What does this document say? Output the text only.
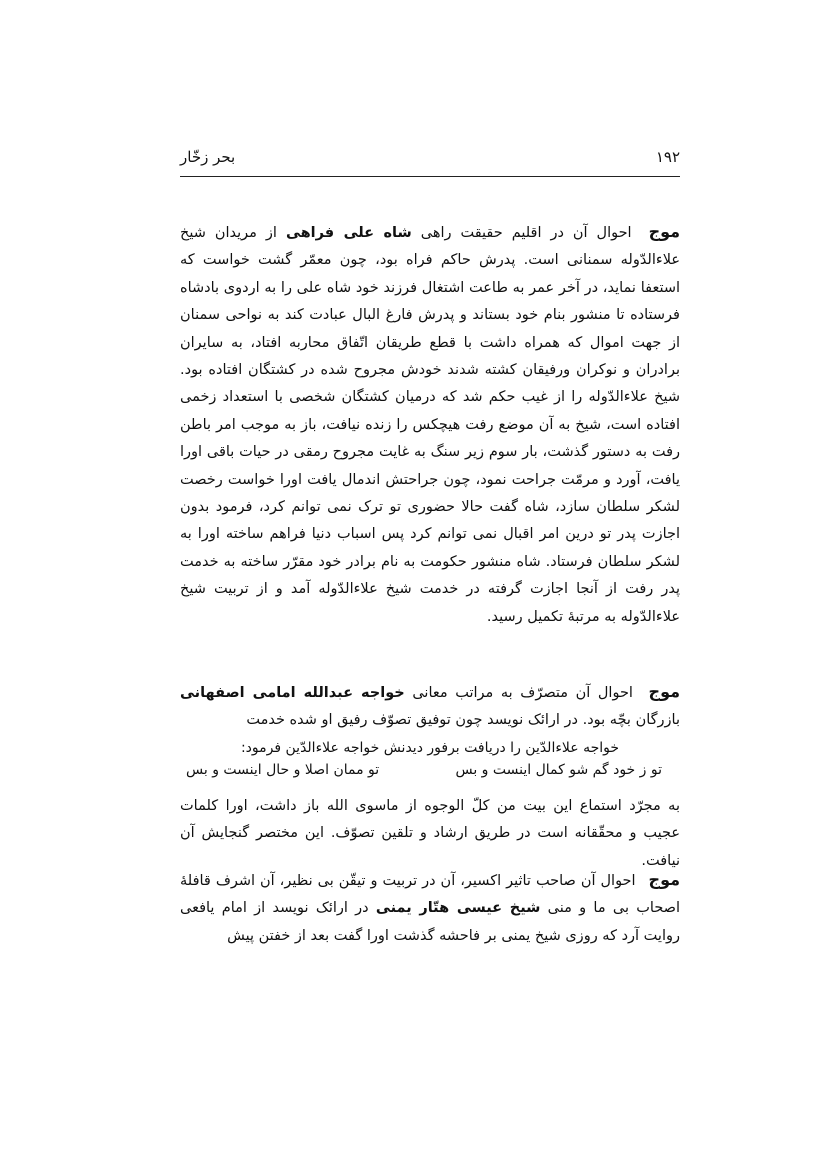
۱۹۲
بحر زخّار
موج احوال آن در اقلیم حقیقت راهی شاه علی فراهی از مریدان شیخ علاءالدّوله سمنانی است. پدرش حاکم فراه بود، چون معمّر گشت خواست که استعفا نماید، در آخر عمر به طاعت اشتغال فرزند خود شاه علی را به اردوی بادشاه فرستاده تا منشور بنام خود بستاند و پدرش فارغ البال عبادت کند به نواحی سمنان از جهت اموال که همراه داشت با قطع طریقان اتّفاق محاربه افتاد، به سایران برادران و نوکران ورفیقان کشته شدند خودش مجروح شده در کشتگان افتاده بود. شیخ علاءالدّوله را از غیب حکم شد که درمیان کشتگان شخصی با استعداد زخمی افتاده است، شیخ به آن موضع رفت هیچکس را زنده نیافت، باز به موجب امر باطن رفت به دستور گذشت، بار سوم زیر سنگ به غایت مجروح رمقی در حیات باقی اورا یافت، آورد و مرمّت جراحت نمود، چون جراحتش اندمال یافت اورا خواست رخصت لشکر سلطان سازد، شاه گفت حالا حضوری تو ترک نمی توانم کرد، فرمود بدون اجازت پدر تو درین امر اقبال نمی توانم کرد پس اسباب دنیا فراهم ساخته اورا به لشکر سلطان فرستاد. شاه منشور حکومت به نام برادر خود مقرّر ساخته به خدمت پدر رفت از آنجا اجازت گرفته در خدمت شیخ علاءالدّوله آمد و از تربیت شیخ علاءالدّوله به مرتبهٔ تکمیل رسید.
موج احوال آن متصرّف به مراتب معانی خواجه عبدالله امامی اصفهانی بازرگان بچّه بود. در ارائک نویسد چون توفیق تصوّف رفیق او شده خدمت
خواجه علاءالدّین را دریافت برفور دیدنش خواجه علاءالدّین فرمود:
تو ز خود گم شو کمال اینست و بس
تو ممان اصلا و حال اینست و بس
به مجرّد استماع این بیت من کلّ الوجوه از ماسوی الله باز داشت، اورا کلمات عجیب و محقّقانه است در طریق ارشاد و تلقین تصوّف. این مختصر گنجایش آن نیافت.
موج احوال آن صاحب تاثیر اکسیر، آن در تربیت و تیقّن بی نظیر، آن اشرف قافلهٔ اصحاب بی ما و منی شیخ عیسی هتّار یمنی در ارائک نویسد از امام یافعی روایت آرد که روزی شیخ یمنی بر فاحشه گذشت اورا گفت بعد از خفتن پیش
